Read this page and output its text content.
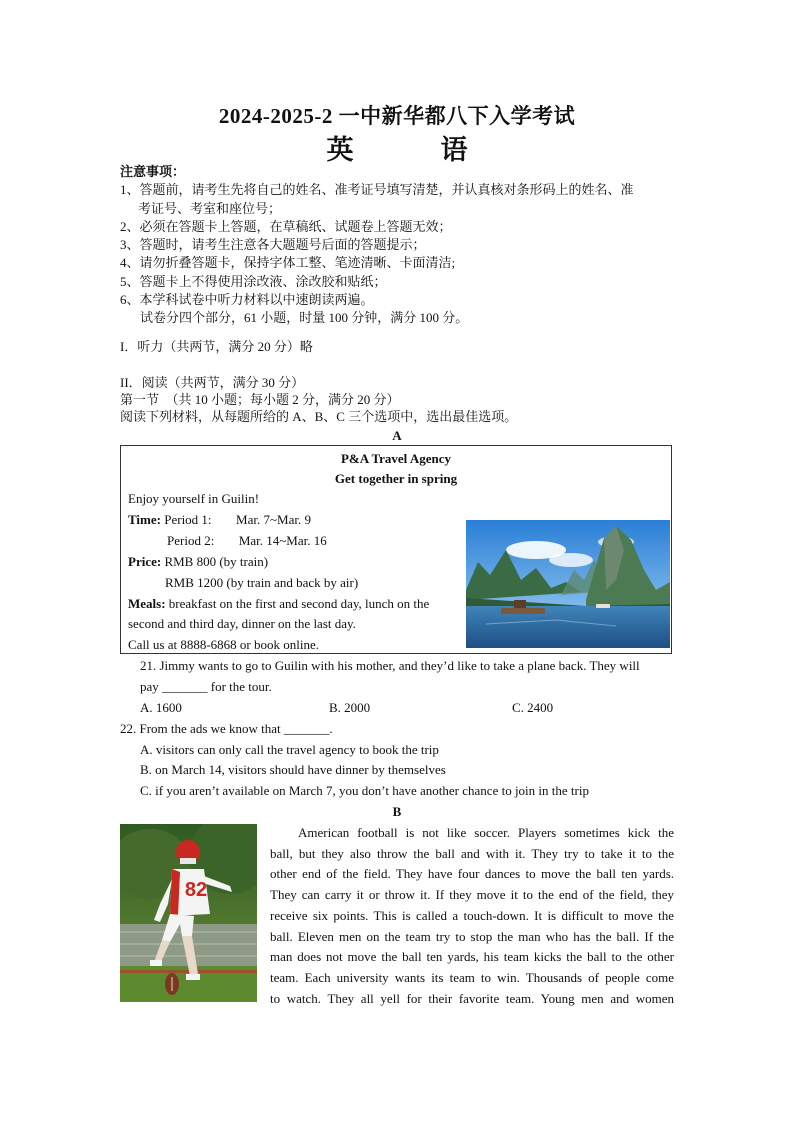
2024-2025-2 一中新华都八下入学考试
英　语
注意事项：
1、答题前，请考生先将自己的姓名、准考证号填写清楚，并认真核对条形码上的姓名、准
考证号、考室和座位号；
2、必须在答题卡上答题，在草稿纸、试题卷上答题无效；
3、答题时，请考生注意各大题题号后面的答题提示；
4、请勿折叠答题卡，保持字体工整、笔迹清晰、卡面清洁;
5、答题卡上不得使用涂改液、涂改胶和贴纸；
6、本学科试卷中听力材料以中速朗读两遍。
试卷分四个部分，61 小题，时量 100 分钟，满分 100 分。
I．听力（共两节，满分 20 分）略
II．阅读（共两节，满分 30 分）
第一节　（共 10 小题；每小题 2 分，满分 20 分）
阅读下列材料，从每题所给的 A、B、C 三个选项中，选出最佳选项。
A
P&A Travel Agency
Get together in spring
Enjoy yourself in Guilin!
Time: Period 1: Mar. 7~Mar. 9
Period 2: Mar. 14~Mar. 16
Price: RMB 800 (by train)
RMB 1200 (by train and back by air)
Meals: breakfast on the first and second day, lunch on the
second and third day, dinner on the last day.
Call us at 8888-6868 or book online.
21. Jimmy wants to go to Guilin with his mother, and they’d like to take a plane back. They will
pay _______ for the tour.
A. 1600	B. 2000	C. 2400
22. From the ads we know that _______.
A. visitors can only call the travel agency to book the trip
B. on March 14, visitors should have dinner by themselves
C. if you aren’t available on March 7, you don’t have another chance to join in the trip
B
82
American football is not like soccer. Players sometimes kick the
ball, but they also throw the ball and with it. They try to take it to the
other end of the field. They have four dances to move the ball ten yards.
They can carry it or throw it. If they move it to the end of the field, they
receive six points. This is called a touch-down. It is difficult to move the
ball. Eleven men on the team try to stop the man who has the ball. If the
man does not move the ball ten yards, his team kicks the ball to the other
team. Each university wants its team to win. Thousands of people come
to watch. They all yell for their favorite team. Young men and women
